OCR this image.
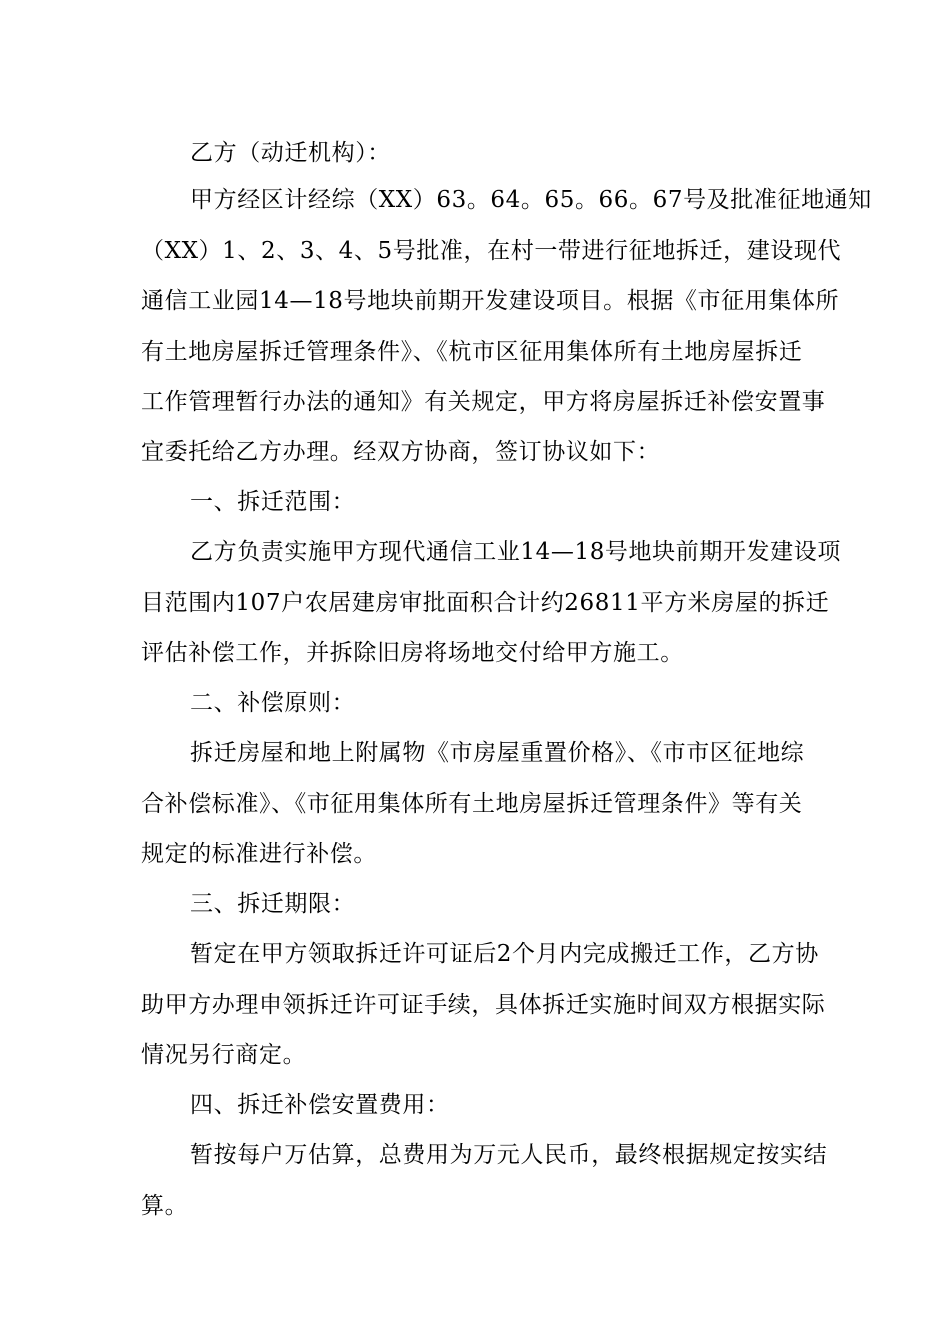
乙方（动迁机构）：
甲方经区计经综（XX）63。64。65。66。67号及批准征地通知
（XX）1、2、3、4、5号批准，在村一带进行征地拆迁，建设现代
通信工业园14—18号地块前期开发建设项目。根据《市征用集体所
有土地房屋拆迁管理条件》、《杭市区征用集体所有土地房屋拆迁
工作管理暂行办法的通知》有关规定，甲方将房屋拆迁补偿安置事
宜委托给乙方办理。经双方协商，签订协议如下：
一、拆迁范围：
乙方负责实施甲方现代通信工业14—18号地块前期开发建设项
目范围内107户农居建房审批面积合计约26811平方米房屋的拆迁
评估补偿工作，并拆除旧房将场地交付给甲方施工。
二、补偿原则：
拆迁房屋和地上附属物《市房屋重置价格》、《市市区征地综
合补偿标准》、《市征用集体所有土地房屋拆迁管理条件》等有关
规定的标准进行补偿。
三、拆迁期限：
暂定在甲方领取拆迁许可证后2个月内完成搬迁工作，乙方协
助甲方办理申领拆迁许可证手续，具体拆迁实施时间双方根据实际
情况另行商定。
四、拆迁补偿安置费用：
暂按每户万估算，总费用为万元人民币，最终根据规定按实结
算。
